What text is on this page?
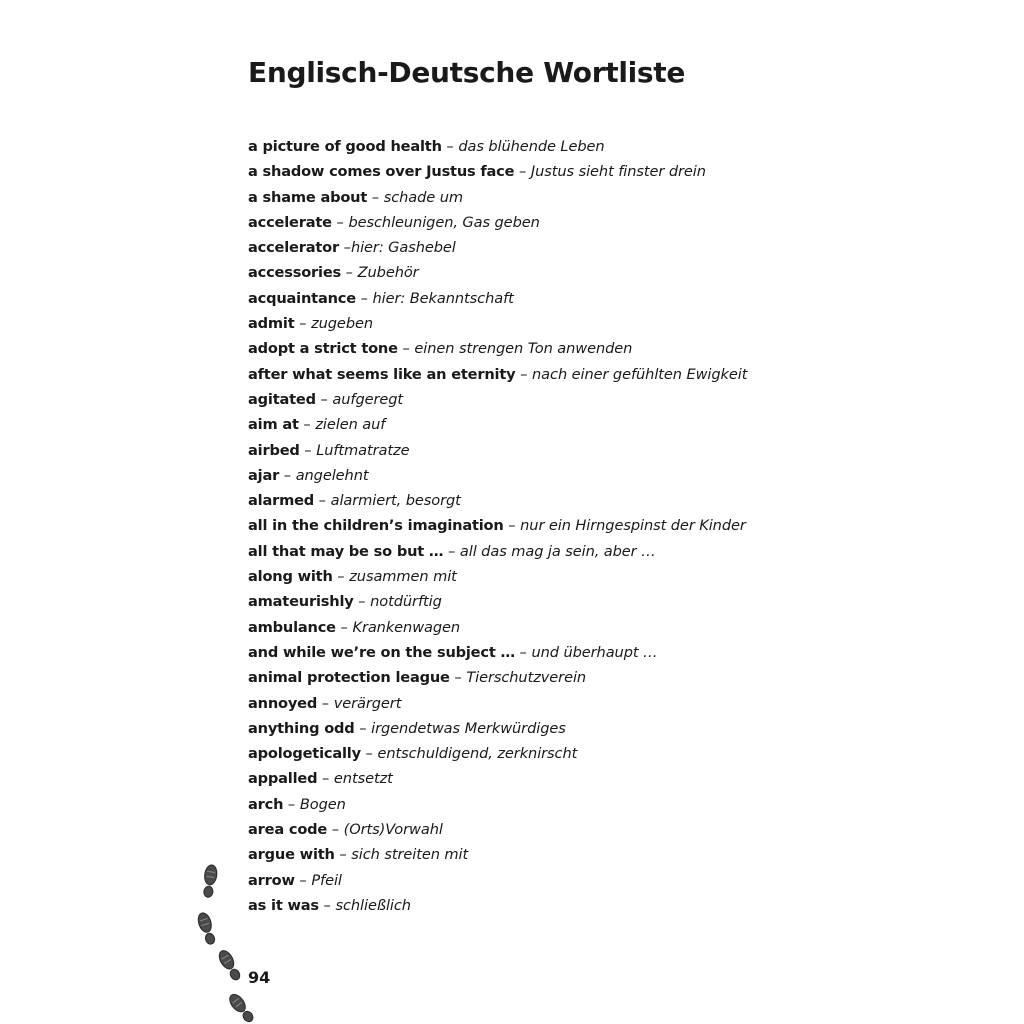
Englisch-Deutsche Wortliste
a picture of good health – das blühende Leben
a shadow comes over Justus face – Justus sieht finster drein
a shame about – schade um
accelerate – beschleunigen, Gas geben
accelerator –hier: Gashebel
accessories – Zubehör
acquaintance – hier: Bekanntschaft
admit – zugeben
adopt a strict tone – einen strengen Ton anwenden
after what seems like an eternity – nach einer gefühlten Ewigkeit
agitated – aufgeregt
aim at – zielen auf
airbed – Luftmatratze
ajar – angelehnt
alarmed – alarmiert, besorgt
all in the children’s imagination – nur ein Hirngespinst der Kinder
all that may be so but … – all das mag ja sein, aber …
along with – zusammen mit
amateurishly – notdürftig
ambulance – Krankenwagen
and while we’re on the subject … – und überhaupt …
animal protection league – Tierschutzverein
annoyed – verärgert
anything odd – irgendetwas Merkwürdiges
apologetically – entschuldigend, zerknirscht
appalled – entsetzt
arch – Bogen
area code – (Orts)Vorwahl
argue with – sich streiten mit
arrow – Pfeil
as it was – schließlich
94
